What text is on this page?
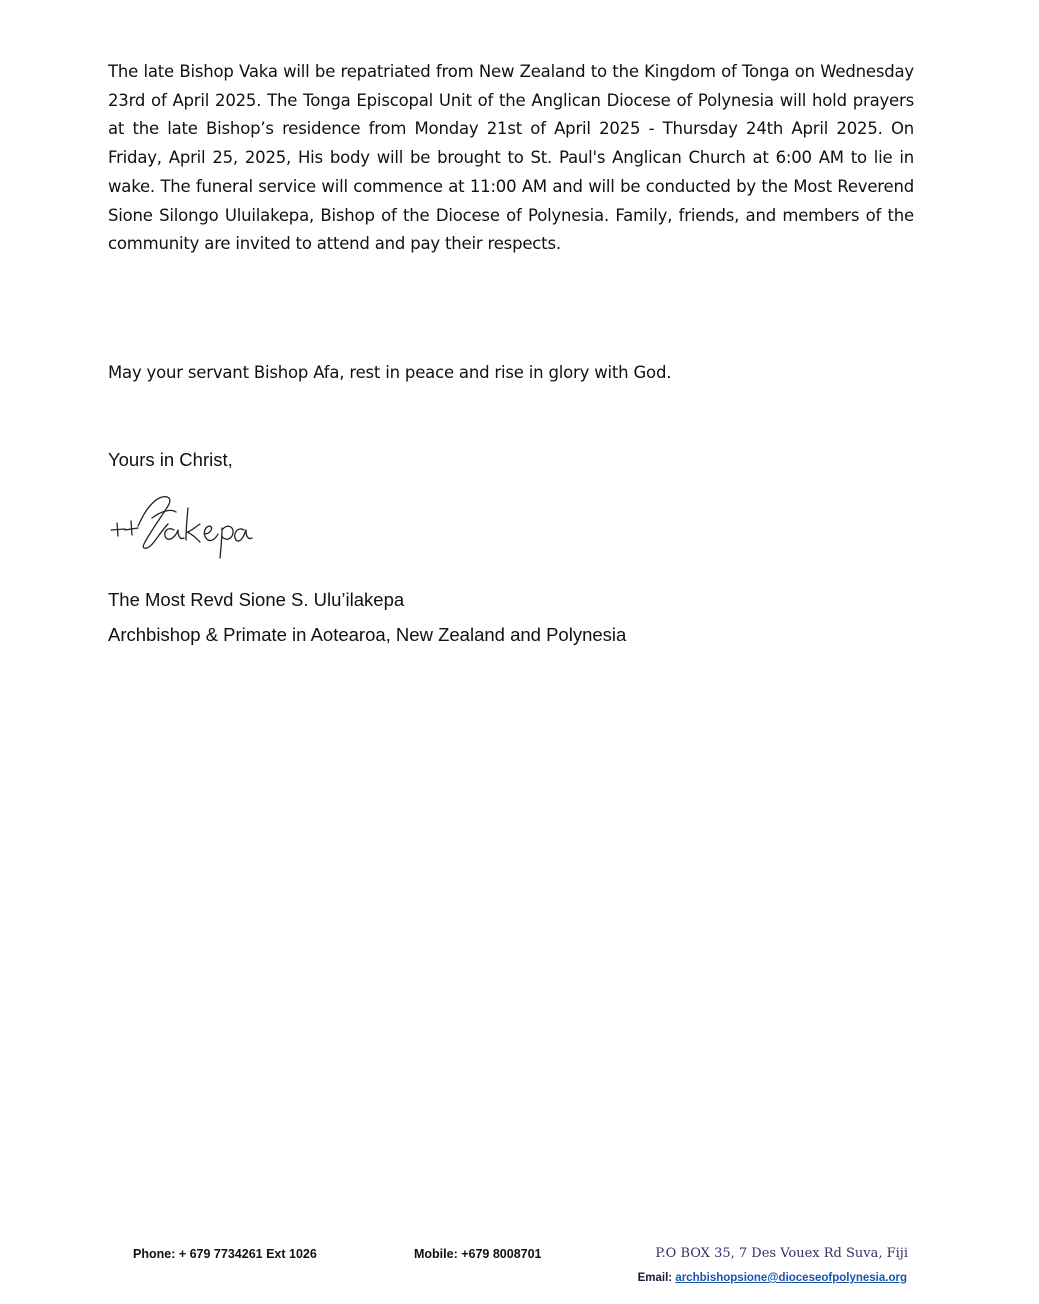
The late Bishop Vaka will be repatriated from New Zealand to the Kingdom of Tonga on Wednesday 23rd of April 2025. The Tonga Episcopal Unit of the Anglican Diocese of Polynesia will hold prayers at the late Bishop’s residence from Monday 21st of April 2025 - Thursday 24th April 2025. On Friday, April 25, 2025, His body will be brought to St. Paul's Anglican Church at 6:00 AM to lie in wake. The funeral service will commence at 11:00 AM and will be conducted by the Most Reverend Sione Silongo Uluilakepa, Bishop of the Diocese of Polynesia. Family, friends, and members of the community are invited to attend and pay their respects.

May your servant Bishop Afa, rest in peace and rise in glory with God.

Yours in Christ,

The Most Revd Sione S. Ulu’ilakepa

Archbishop & Primate in Aotearoa, New Zealand and Polynesia

Phone: + 679 7734261 Ext 1026	Mobile: +679 8008701	P.O BOX 35, 7 Des Vouex Rd Suva, Fiji
Email: archbishopsione@dioceseofpolynesia.org
